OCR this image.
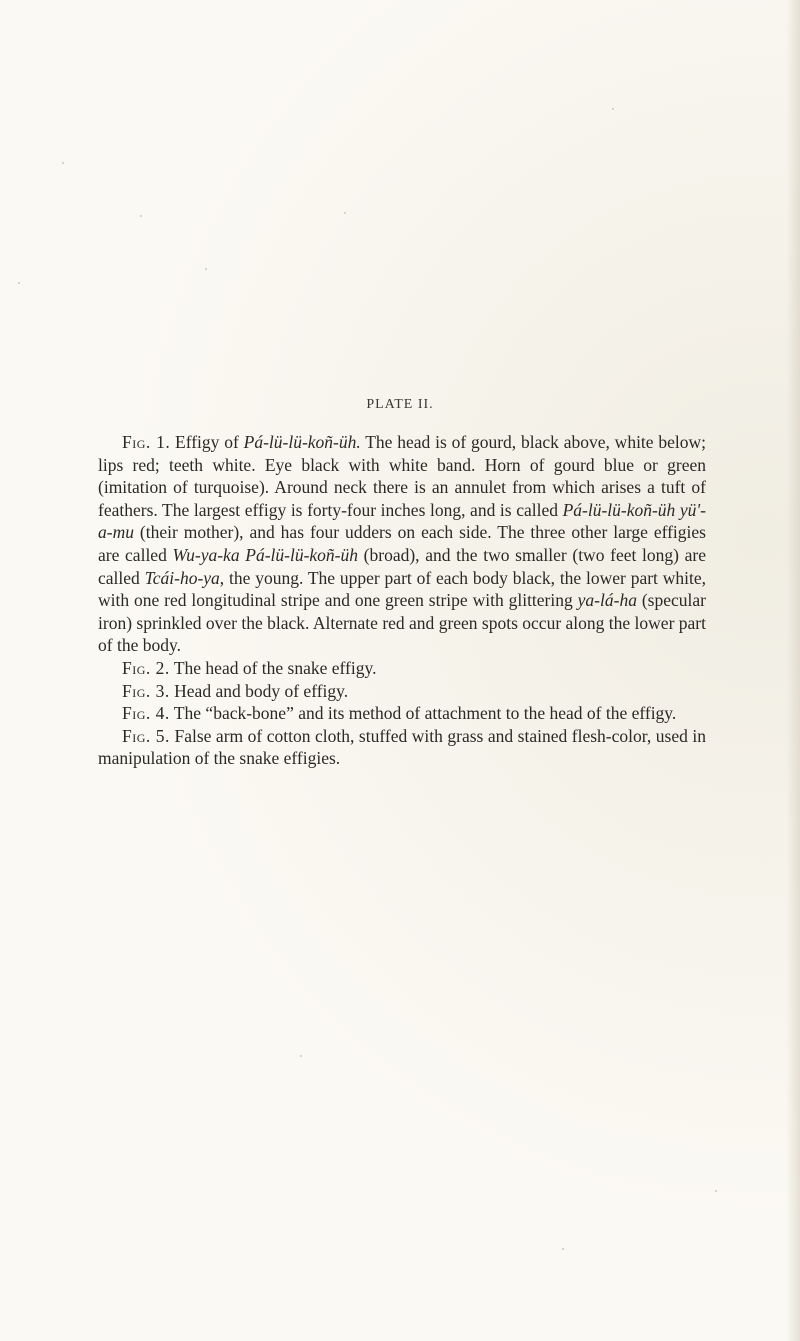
PLATE II.

Fig. 1. Effigy of Pá-lü-lü-koñ-üh. The head is of gourd, black above, white below; lips red; teeth white. Eye black with white band. Horn of gourd blue or green (imitation of turquoise). Around neck there is an annulet from which arises a tuft of feathers. The largest effigy is forty-four inches long, and is called Pá-lü-lü-koñ-üh yü'-a-mu (their mother), and has four udders on each side. The three other large effigies are called Wu-ya-ka Pá-lü-lü-koñ-üh (broad), and the two smaller (two feet long) are called Tcái-ho-ya, the young. The upper part of each body black, the lower part white, with one red longitudinal stripe and one green stripe with glittering ya-lá-ha (specular iron) sprinkled over the black. Alternate red and green spots occur along the lower part of the body.

Fig. 2. The head of the snake effigy.

Fig. 3. Head and body of effigy.

Fig. 4. The “back-bone” and its method of attachment to the head of the effigy.

Fig. 5. False arm of cotton cloth, stuffed with grass and stained flesh-color, used in manipulation of the snake effigies.
